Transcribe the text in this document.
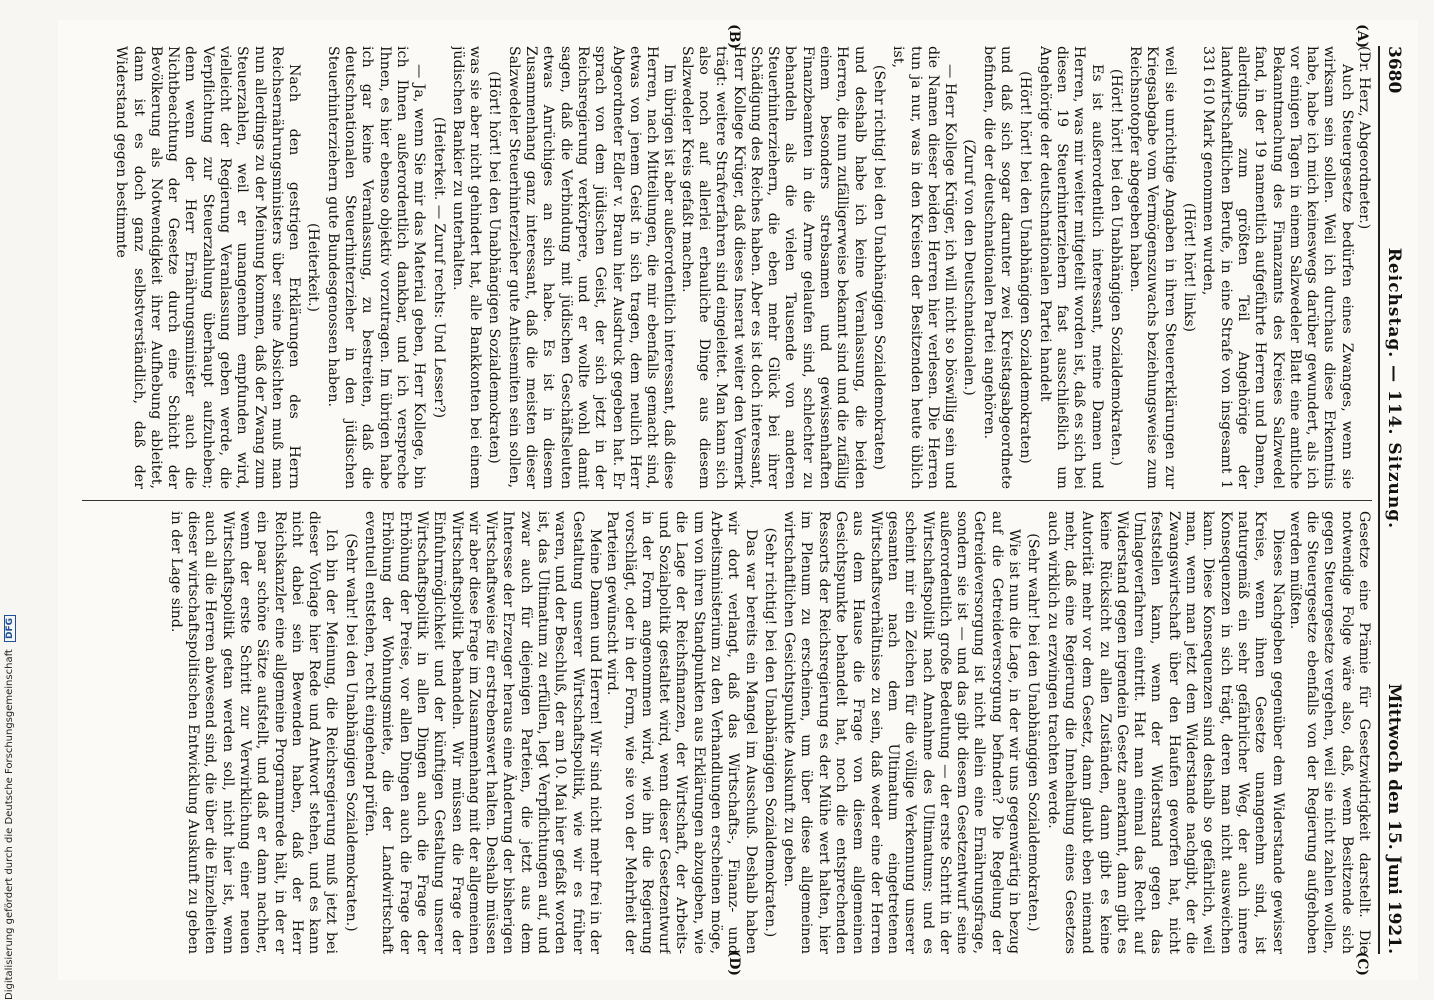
3680
Reichstag. — 114. Sitzung.
Mittwoch den 15. Juni 1921.
(A)
(B)
(C)
(D)

(Dr. Herz, Abgeordneter.)

Auch Steuergesetze bedürfen eines Zwanges, wenn sie wirksam sein sollen. Weil ich durchaus diese Erkenntnis habe, habe ich mich keineswegs darüber gewundert, als ich vor einigen Tagen in einem Salzwedeler Blatt eine amtliche Bekanntmachung des Finanzamts des Kreises Salzwedel fand, in der 19 namentlich aufgeführte Herren und Damen, allerdings zum größten Teil Angehörige der landwirtschaftlichen Berufe, in eine Strafe von insgesamt 1 331 610 Mark genommen wurden,

(Hört! hört! links)

weil sie unrichtige Angaben in ihren Steuererklärungen zur Kriegsabgabe vom Vermögenszuwachs beziehungsweise zum Reichsnotopfer abgegeben haben.

(Hört! hört! bei den Unabhängigen Sozialdemokraten.)

Es ist außerordentlich interessant, meine Damen und Herren, was mir weiter mitgeteilt worden ist, daß es sich bei diesen 19 Steuerhinterziehern fast ausschließlich um Angehörige der deutschnationalen Partei handelt

(Hört! hört! bei den Unabhängigen Sozialdemokraten)

und daß sich sogar darunter zwei Kreistagsabgeordnete befinden, die der deutschnationalen Partei angehören.

(Zuruf von den Deutschnationalen.)

— Herr Kollege Krüger, ich will nicht so böswillig sein und die Namen dieser beiden Herren hier verlesen. Die Herren tun ja nur, was in den Kreisen der Besitzenden heute üblich ist,

(Sehr richtig! bei den Unabhängigen Sozialdemokraten)

und deshalb habe ich keine Veranlassung, die beiden Herren, die nun zufälligerweise bekannt sind und die zufällig einem besonders strebsamen und gewissenhaften Finanzbeamten in die Arme gelaufen sind, schlechter zu behandeln als die vielen Tausende von anderen Steuerhinterziehern, die eben mehr Glück bei ihrer Schädigung des Reiches haben. Aber es ist doch interessant, Herr Kollege Krüger, daß dieses Inserat weiter den Vermerk trägt: weitere Strafverfahren sind eingeleitet. Man kann sich also noch auf allerlei erbauliche Dinge aus diesem Salzwedeler Kreis gefaßt machen.

Im übrigen ist aber außerordentlich interessant, daß diese Herren, nach Mitteilungen, die mir ebenfalls gemacht sind, etwas von jenem Geist in sich tragen, dem neulich Herr Abgeordneter Edler v. Braun hier Ausdruck gegeben hat. Er sprach von dem jüdischen Geist, der sich jetzt in der Reichsregierung verkörpere, und er wollte wohl damit sagen, daß die Verbindung mit jüdischen Geschäftsleuten etwas Anrüchiges an sich habe. Es ist in diesem Zusammenhang ganz interessant, daß die meisten dieser Salzwedeler Steuerhinterzieher gute Antisemiten sein sollen,

(Hört! hört! bei den Unabhängigen Sozialdemokraten)

was sie aber nicht gehindert hat, alle Bankkonten bei einem jüdischen Bankier zu unterhalten.

(Heiterkeit. — Zuruf rechts: Und Lesser?)

— Ja, wenn Sie mir das Material geben, Herr Kollege, bin ich Ihnen außerordentlich dankbar, und ich verspreche Ihnen, es hier ebenso objektiv vorzutragen. Im übrigen habe ich gar keine Veranlassung, zu bestreiten, daß die deutschnationalen Steuerhinterzieher in den jüdischen Steuerhinterziehern gute Bundesgenossen haben.

(Heiterkeit.)

Nach den gestrigen Erklärungen des Herrn Reichsernährungsministers über seine Absichten muß man nun allerdings zu der Meinung kommen, daß der Zwang zum Steuerzahlen, weil er unangenehm empfunden wird, vielleicht der Regierung Veranlassung geben werde, die Verpflichtung zur Steuerzahlung überhaupt aufzuheben; denn wenn der Herr Ernährungsminister auch die Nichtbeachtung der Gesetze durch eine Schicht der Bevölkerung als Notwendigkeit ihrer Aufhebung ableitet, dann ist es doch ganz selbstverständlich, daß der Widerstand gegen bestimmte

Gesetze eine Prämie für Gesetzwidrigkeit darstellt. Die notwendige Folge wäre also, daß, wenn Besitzende sich gegen Steuergesetze vergehen, weil sie nicht zahlen wollen, die Steuergesetze ebenfalls von der Regierung aufgehoben werden müßten.

Dieses Nachgeben gegenüber dem Widerstande gewisser Kreise, wenn ihnen Gesetze unangenehm sind, ist naturgemäß ein sehr gefährlicher Weg, der auch innere Konsequenzen in sich trägt, deren man nicht ausweichen kann. Diese Konsequenzen sind deshalb so gefährlich, weil man, wenn man jetzt dem Widerstande nachgibt, der die Zwangswirtschaft über den Haufen geworfen hat, nicht feststellen kann, wenn der Widerstand gegen das Umlageverfahren eintritt. Hat man einmal das Recht auf Widerstand gegen irgendein Gesetz anerkannt, dann gibt es keine Rücksicht zu allen Zuständen, dann gibt es keine Autorität mehr vor dem Gesetz, dann glaubt eben niemand mehr, daß eine Regierung die Innehaltung eines Gesetzes auch wirklich zu erzwingen trachten werde.

(Sehr wahr! bei den Unabhängigen Sozialdemokraten.)

Wie ist nun die Lage, in der wir uns gegenwärtig in bezug auf die Getreideversorgung befinden? Die Regelung der Getreideversorgung ist nicht allein eine Ernährungsfrage, sondern sie ist — und das gibt diesem Gesetzentwurf seine außerordentlich große Bedeutung — der erste Schritt in der Wirtschaftspolitik nach Annahme des Ultimatums; und es scheint mir ein Zeichen für die völlige Verkennung unserer gesamten nach dem Ultimatum eingetretenen Wirtschaftsverhältnisse zu sein, daß weder eine der Herren aus dem Hause die Frage von diesem allgemeinen Gesichtspunkte behandelt hat, noch die entsprechenden Ressorts der Reichsregierung es der Mühe wert halten, hier im Plenum zu erscheinen, um über diese allgemeinen wirtschaftlichen Gesichtspunkte Auskunft zu geben.

(Sehr richtig! bei den Unabhängigen Sozialdemokraten.)

Das war bereits ein Mangel im Ausschuß. Deshalb haben wir dort verlangt, daß das Wirtschafts-, Finanz- und Arbeitsministerium zu den Verhandlungen erscheinen möge, um von ihren Standpunkten aus Erklärungen abzugeben, wie die Lage der Reichsfinanzen, der Wirtschaft, der Arbeits- und Sozialpolitik gestaltet wird, wenn dieser Gesetzentwurf in der Form angenommen wird, wie ihn die Regierung vorschlägt, oder in der Form, wie sie von der Mehrheit der Parteien gewünscht wird.

Meine Damen und Herren! Wir sind nicht mehr frei in der Gestaltung unserer Wirtschaftspolitik, wie wir es früher waren, und der Beschluß, der am 10. Mai hier gefaßt worden ist, das Ultimatum zu erfüllen, legt Verpflichtungen auf, und zwar auch für diejenigen Parteien, die jetzt aus dem Interesse der Erzeuger heraus eine Änderung der bisherigen Wirtschaftsweise für erstrebenswert halten. Deshalb müssen wir aber diese Frage im Zusammenhang mit der allgemeinen Wirtschaftspolitik behandeln. Wir müssen die Frage der Einfuhrmöglichkeit und der künftigen Gestaltung unserer Wirtschaftspolitik in allen Dingen auch die Frage der Erhöhung der Preise, vor allen Dingen auch die Frage der Erhöhung der Wohnungsmiete, die der Landwirtschaft eventuell entstehen, recht eingehend prüfen.

(Sehr wahr! bei den Unabhängigen Sozialdemokraten.)

Ich bin der Meinung, die Reichsregierung muß jetzt bei dieser Vorlage hier Rede und Antwort stehen, und es kann nicht dabei sein Bewenden haben, daß der Herr Reichskanzler eine allgemeine Programmrede hält, in der er ein paar schöne Sätze aufstellt, und daß er dann nachher, wenn der erste Schritt zur Verwirklichung einer neuen Wirtschaftspolitik getan werden soll, nicht hier ist, wenn auch all die Herren abwesend sind, die über die Einzelheiten dieser wirtschaftspolitischen Entwicklung Auskunft zu geben in der Lage sind.

Digitalisierung gefördert durch die Deutsche Forschungsgemeinschaft DFG
